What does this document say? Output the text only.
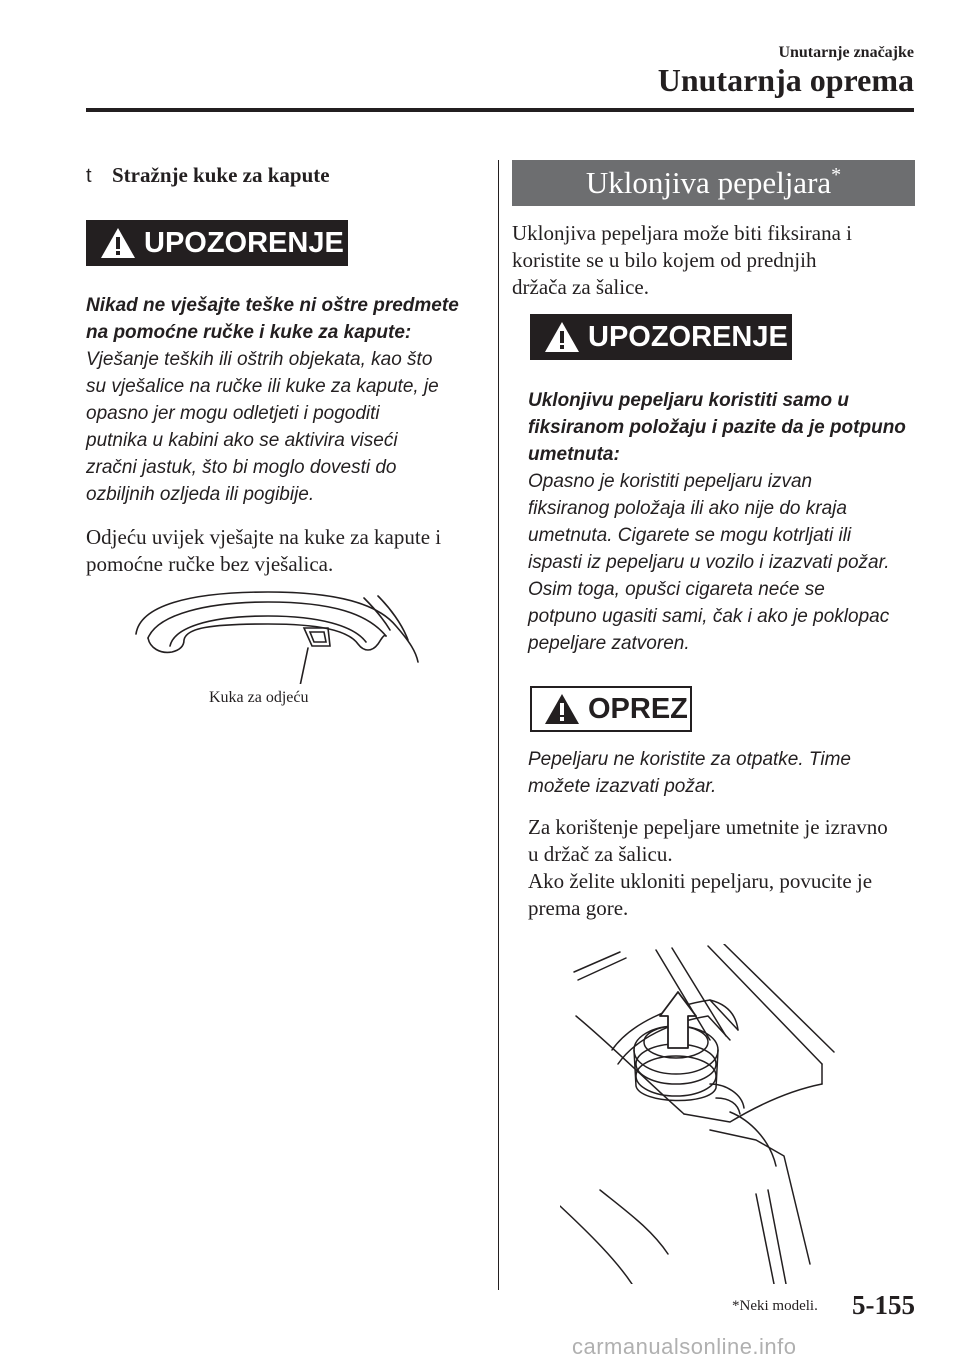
Unutarnje značajke
Unutarnja oprema
t Stražnje kuke za kapute
UPOZORENJE
Nikad ne vješajte teške ni oštre predmete
na pomoćne ručke i kuke za kapute:
Vješanje teških ili oštrih objekata, kao što
su vješalice na ručke ili kuke za kapute, je
opasno jer mogu odletjeti i pogoditi
putnika u kabini ako se aktivira viseći
zračni jastuk, što bi moglo dovesti do
ozbiljnih ozljeda ili pogibije.
Odjeću uvijek vješajte na kuke za kapute i
pomoćne ručke bez vješalica.
Kuka za odjeću
Uklonjiva pepeljara*
Uklonjiva pepeljara može biti fiksirana i
koristite se u bilo kojem od prednjih
držača za šalice.
UPOZORENJE
Uklonjivu pepeljaru koristiti samo u
fiksiranom položaju i pazite da je potpuno
umetnuta:
Opasno je koristiti pepeljaru izvan
fiksiranog položaja ili ako nije do kraja
umetnuta. Cigarete se mogu kotrljati ili
ispasti iz pepeljaru u vozilo i izazvati požar.
Osim toga, opušci cigareta neće se
potpuno ugasiti sami, čak i ako je poklopac
pepeljare zatvoren.
OPREZ
Pepeljaru ne koristite za otpatke. Time
možete izazvati požar.
Za korištenje pepeljare umetnite je izravno
u držač za šalicu.
Ako želite ukloniti pepeljaru, povucite je
prema gore.
*Neki modeli. 5-155
carmanualsonline.info
